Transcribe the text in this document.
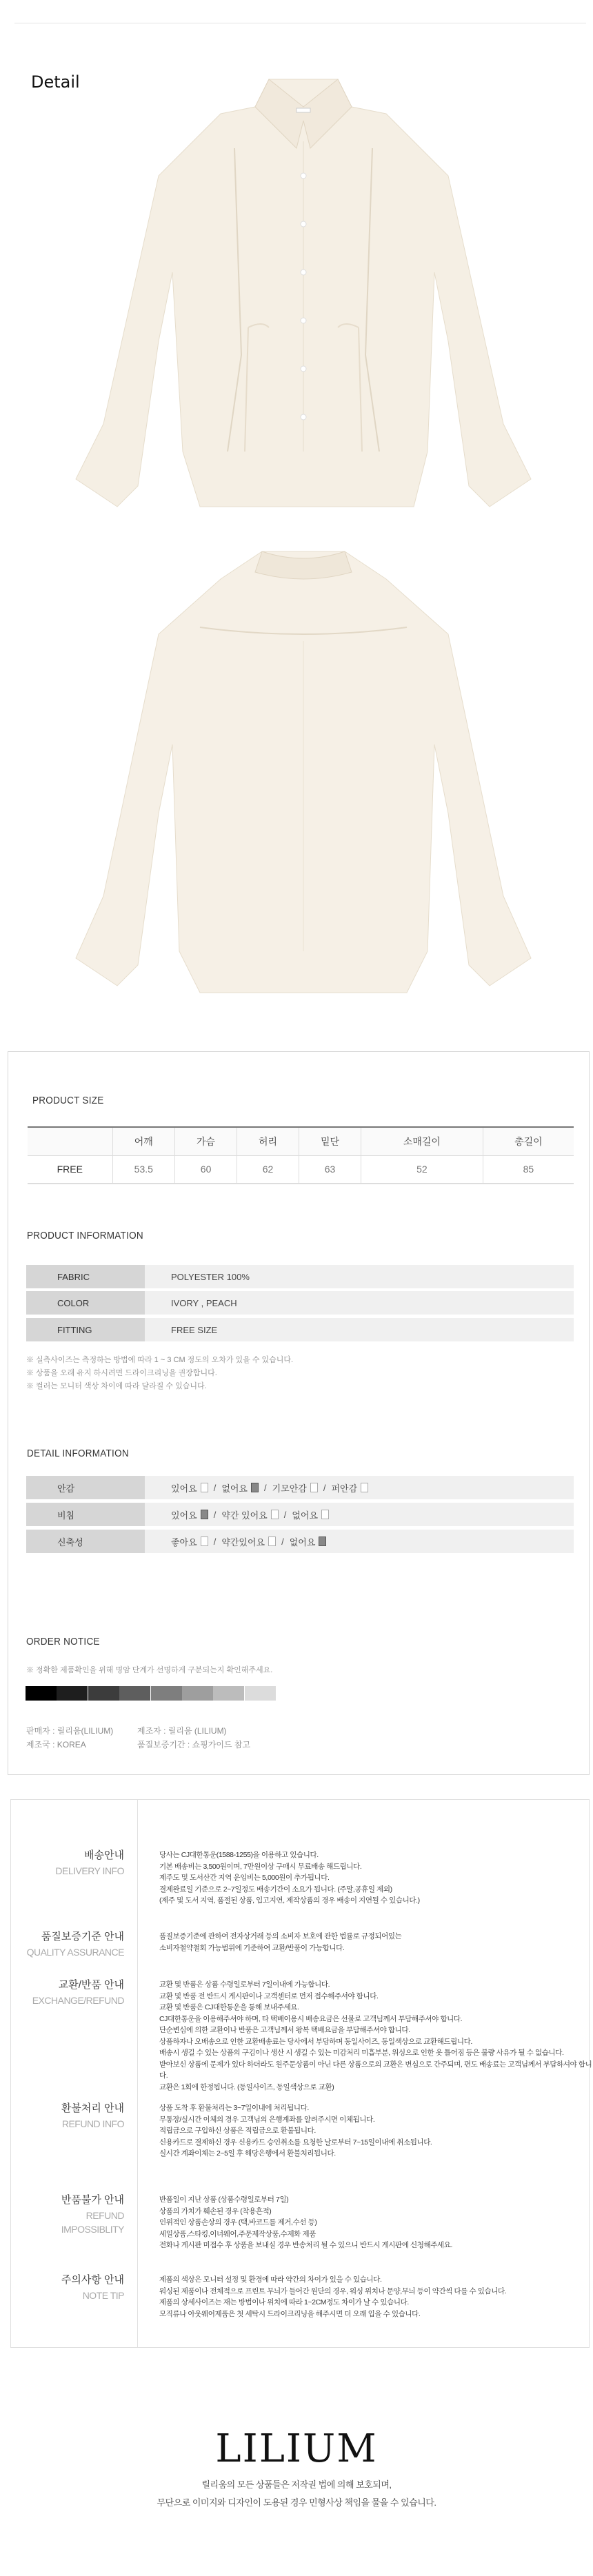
Detail
PRODUCT SIZE
	어깨	가슴	허리	밑단	소매길이	총길이
FREE	53.5	60	62	63	52	85
PRODUCT INFORMATION
FABRIC	POLYESTER 100%
COLOR	IVORY , PEACH
FITTING	FREE SIZE
※ 실측사이즈는 측정하는 방법에 따라 1 ~ 3 CM 정도의 오차가 있을 수 있습니다.
※ 상품을 오래 유지 하시려면 드라이크리닝을 권장합니다.
※ 컬러는 모니터 색상 차이에 따라 달라질 수 있습니다.
DETAIL INFORMATION
안감	있어요 / 없어요 / 기모안감 / 퍼안감
비침	있어요 / 약간 있어요 / 없어요
신축성	좋아요 / 약간있어요 / 없어요
ORDER NOTICE
※ 정확한 제품확인을 위해 명암 단계가 선명하게 구분되는지 확인해주세요.
판매자 : 릴리움(LILIUM)	제조자 : 릴리움 (LILIUM)
제조국 : KOREA	품질보증기간 : 쇼핑가이드 참고
배송안내
DELIVERY INFO
당사는 CJ대한통운(1588-1255)을 이용하고 있습니다.
기본 배송비는 3,500원이며, 7만원이상 구매시 무료배송 해드립니다.
제주도 및 도서산간 지역 운임비는 5,000원이 추가됩니다.
결제완료일 기준으로 2~7일정도 배송기간이 소요가 됩니다. (주말,공휴일 제외)
(제주 및 도서 지역, 품절된 상품, 입고지연, 제작상품의 경우 배송이 지연될 수 있습니다.)
품질보증기준 안내
QUALITY ASSURANCE
품질보증기준에 관하여 전자상거래 등의 소비자 보호에 관한 법률로 규정되어있는
소비자철약철회 가능범위에 기준하여 교환/반품이 가능합니다.
교환/반품 안내
EXCHANGE/REFUND
교환 및 반품은 상품 수령일로부터 7일이내에 가능합니다.
교환 및 반품 전 반드시 게시판이나 고객센터로 먼저 접수해주셔야 합니다.
교환 및 반품은 CJ대한통운을 통해 보내주세요.
CJ대한통운을 이용해주셔야 하며, 타 택배이용시 배송요금은 선불로 고객님께서 부담해주셔야 합니다.
단순변심에 의한 교환이나 반품은 고객님께서 왕복 택배요금을 부담해주셔야 합니다.
상품하자나 오배송으로 인한 교환배송료는 당사에서 부담하며 동일사이즈, 동일색상으로 교환해드립니다.
배송시 생길 수 있는 상품의 구김이나 생산 시 생길 수 있는 미감처리 미흡부분, 워싱으로 인한 옷 틀어짐 등은 불량 사유가 될 수 없습니다.
받아보신 상품에 문제가 있다 하더라도 원주문상품이 아닌 다른 상품으로의 교환은 변심으로 간주되며, 편도 배송료는 고객님께서 부담하셔야 합니다.
교환은 1회에 한정됩니다. (동일사이즈, 동일색상으로 교환)
환불처리 안내
REFUND INFO
상품 도착 후 환불처리는 3~7일이내에 처리됩니다.
무통장/실시간 이체의 경우 고객님의 은행계좌를 알려주시면 이체됩니다.
적립금으로 구입하신 상품은 적립금으로 환불됩니다.
신용카드로 결제하신 경우 신용카드 승인취소를 요청한 날로부터 7~15일이내에 취소됩니다.
실시간 계좌이체는 2~5일 후 해당은행에서 환불처리됩니다.
반품불가 안내
REFUND
IMPOSSIBLITY
반품일이 지난 상품 (상품수령일로부터 7일)
상품의 가치가 훼손된 경우 (착용흔적)
인위적인 상품손상의 경우 (택,바코드를 제거,수선 등)
세일상품,스타킹,이너웨어,주문제작상품,수제화 제품
전화나 게시판 미접수 후 상품을 보내실 경우 반송처리 될 수 있으니 반드시 게시판에 신청해주세요.
주의사항 안내
NOTE TIP
제품의 색상은 모니터 설정 및 환경에 따라 약간의 차이가 있을 수 있습니다.
워싱된 제품이나 전체적으로 프린트 무늬가 들어간 원단의 경우, 워싱 위치나 문양,무늬 등이 약간씩 다를 수 있습니다.
제품의 상세사이즈는 재는 방법이나 위치에 따라 1~2CM정도 차이가 날 수 있습니다.
모직류나 아웃웨어제품은 첫 세탁시 드라이크리닝을 해주시면 더 오래 입을 수 있습니다.
LILIUM
릴리움의 모든 상품들은 저작권 법에 의해 보호되며,
무단으로 이미지와 디자인이 도용된 경우 민형사상 책임을 물을 수 있습니다.
